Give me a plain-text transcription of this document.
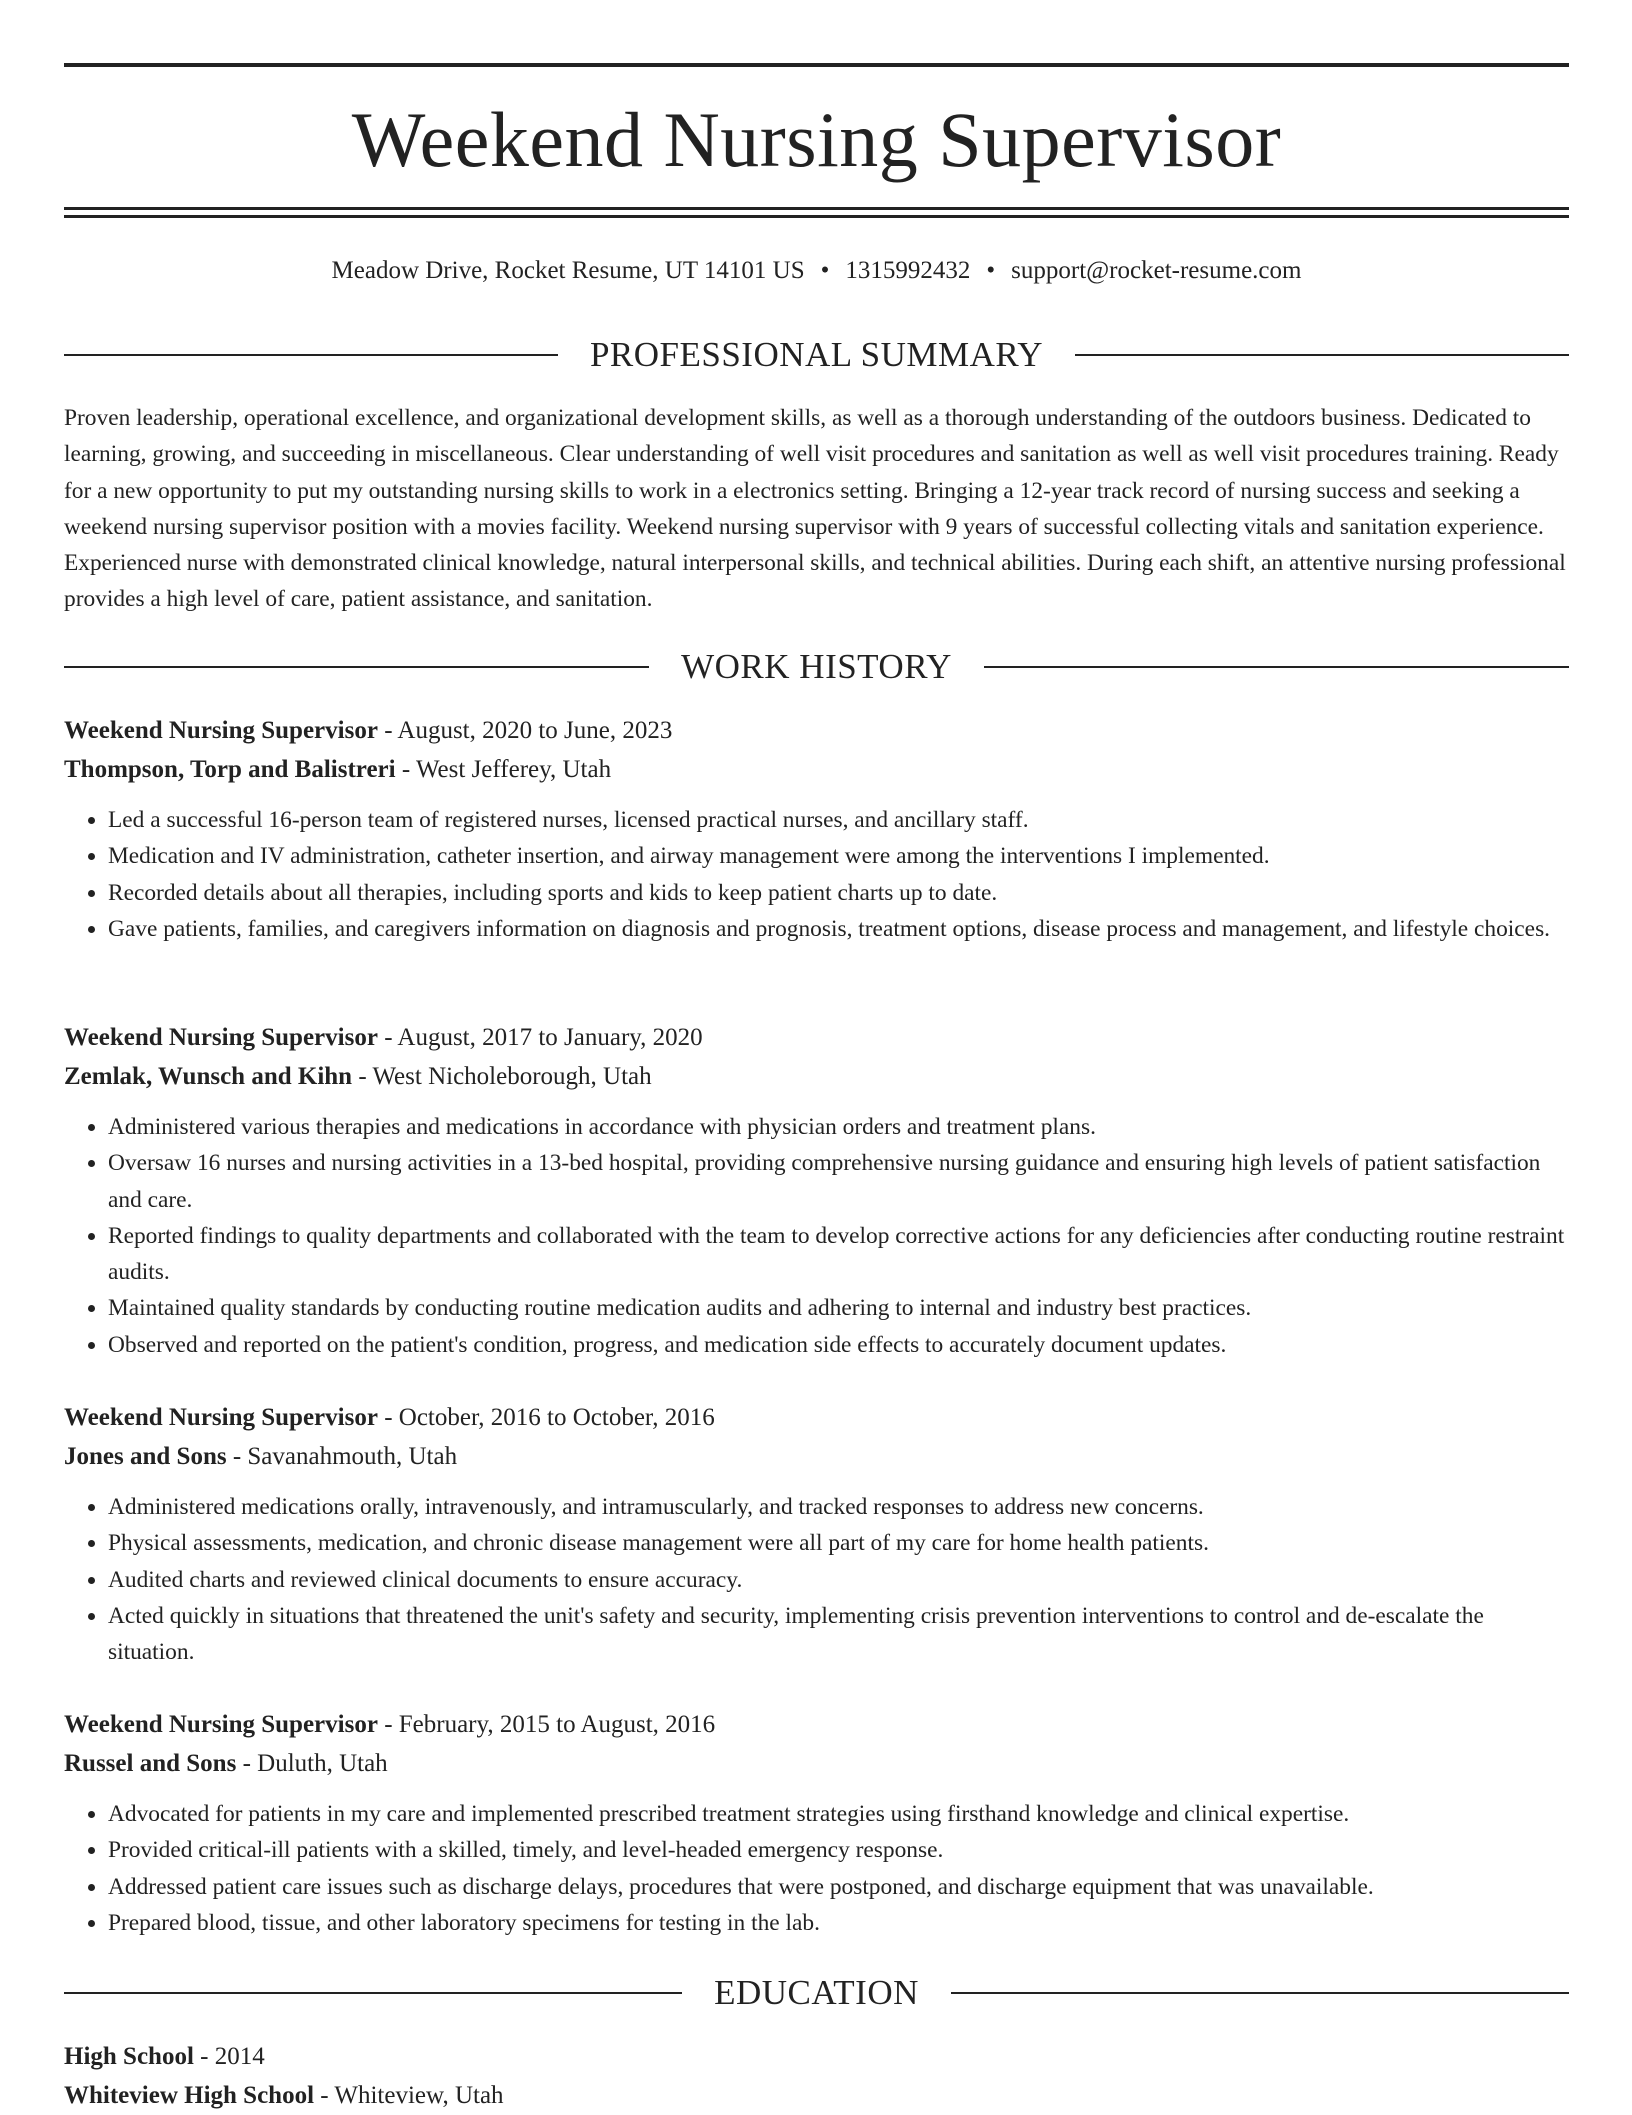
Weekend Nursing Supervisor
Meadow Drive, Rocket Resume, UT 14101 US • 1315992432 • support@rocket-resume.com
PROFESSIONAL SUMMARY

Proven leadership, operational excellence, and organizational development skills, as well as a thorough understanding of the outdoors business. Dedicated to learning, growing, and succeeding in miscellaneous. Clear understanding of well visit procedures and sanitation as well as well visit procedures training. Ready for a new opportunity to put my outstanding nursing skills to work in a electronics setting. Bringing a 12-year track record of nursing success and seeking a weekend nursing supervisor position with a movies facility. Weekend nursing supervisor with 9 years of successful collecting vitals and sanitation experience. Experienced nurse with demonstrated clinical knowledge, natural interpersonal skills, and technical abilities. During each shift, an attentive nursing professional provides a high level of care, patient assistance, and sanitation.

WORK HISTORY
Weekend Nursing Supervisor - August, 2020 to June, 2023
Thompson, Torp and Balistreri - West Jefferey, Utah
• Led a successful 16-person team of registered nurses, licensed practical nurses, and ancillary staff.
• Medication and IV administration, catheter insertion, and airway management were among the interventions I implemented.
• Recorded details about all therapies, including sports and kids to keep patient charts up to date.
• Gave patients, families, and caregivers information on diagnosis and prognosis, treatment options, disease process and management, and lifestyle choices.
Weekend Nursing Supervisor - August, 2017 to January, 2020
Zemlak, Wunsch and Kihn - West Nicholeborough, Utah
• Administered various therapies and medications in accordance with physician orders and treatment plans.
• Oversaw 16 nurses and nursing activities in a 13-bed hospital, providing comprehensive nursing guidance and ensuring high levels of patient satisfaction and care.
• Reported findings to quality departments and collaborated with the team to develop corrective actions for any deficiencies after conducting routine restraint audits.
• Maintained quality standards by conducting routine medication audits and adhering to internal and industry best practices.
• Observed and reported on the patient's condition, progress, and medication side effects to accurately document updates.
Weekend Nursing Supervisor - October, 2016 to October, 2016
Jones and Sons - Savanahmouth, Utah
• Administered medications orally, intravenously, and intramuscularly, and tracked responses to address new concerns.
• Physical assessments, medication, and chronic disease management were all part of my care for home health patients.
• Audited charts and reviewed clinical documents to ensure accuracy.
• Acted quickly in situations that threatened the unit's safety and security, implementing crisis prevention interventions to control and de-escalate the situation.
Weekend Nursing Supervisor - February, 2015 to August, 2016
Russel and Sons - Duluth, Utah
• Advocated for patients in my care and implemented prescribed treatment strategies using firsthand knowledge and clinical expertise.
• Provided critical-ill patients with a skilled, timely, and level-headed emergency response.
• Addressed patient care issues such as discharge delays, procedures that were postponed, and discharge equipment that was unavailable.
• Prepared blood, tissue, and other laboratory specimens for testing in the lab.
EDUCATION
High School - 2014
Whiteview High School - Whiteview, Utah
